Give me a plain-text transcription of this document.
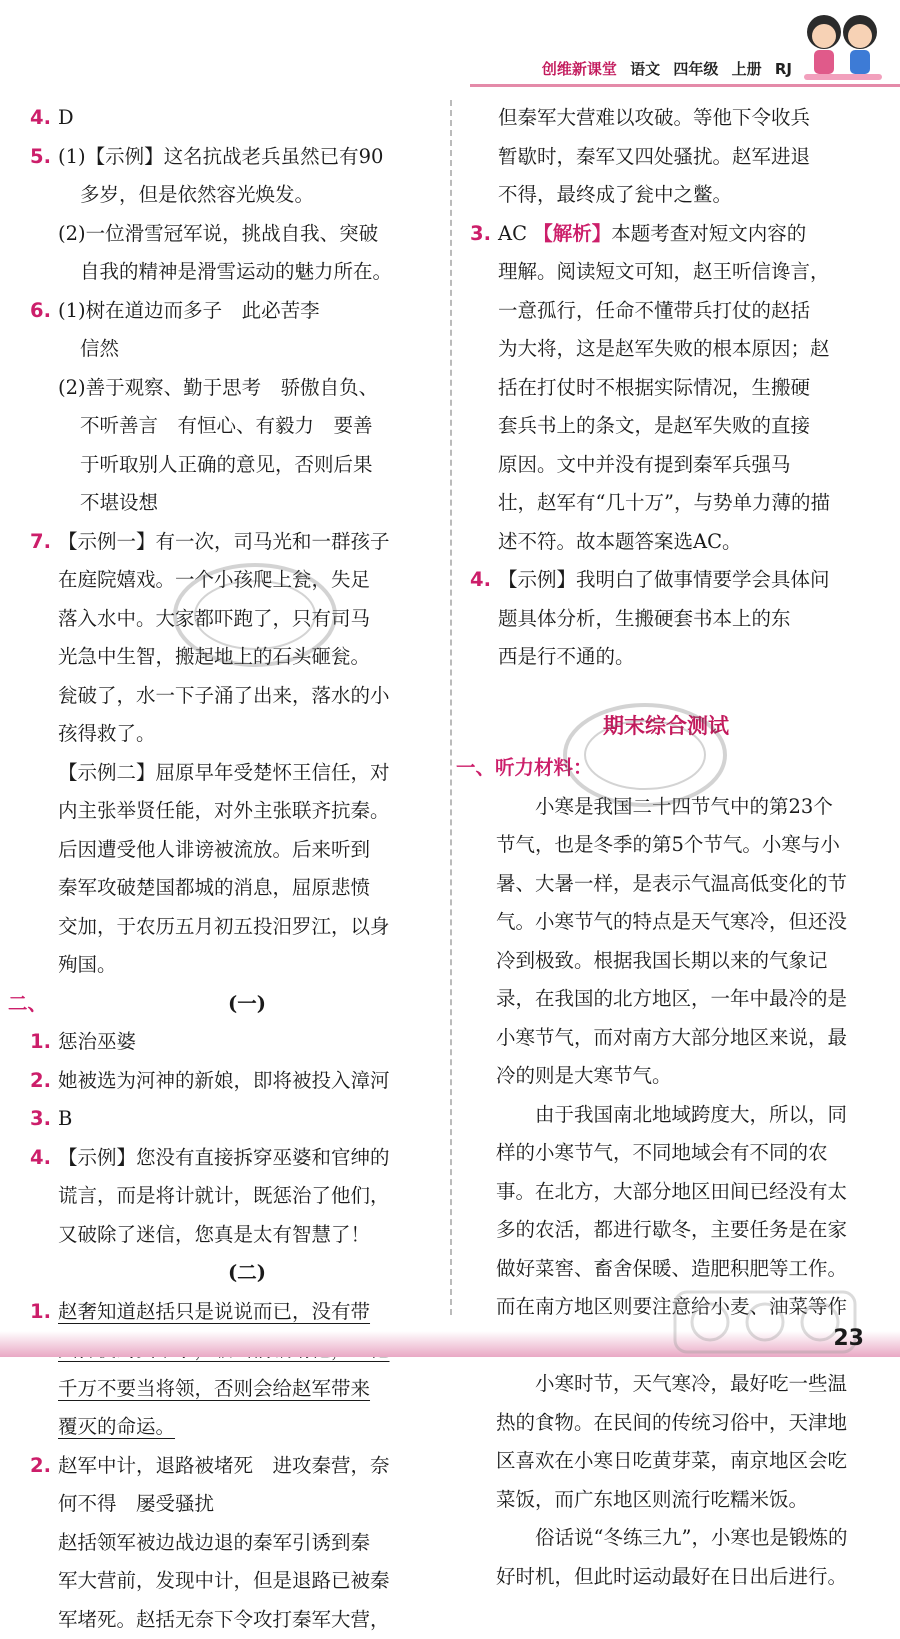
创维新课堂 语文 四年级 上册 RJ
4. D
5. (1)【示例】这名抗战老兵虽然已有90
多岁，但是依然容光焕发。
(2)一位滑雪冠军说，挑战自我、突破
自我的精神是滑雪运动的魅力所在。
6. (1)树在道边而多子　此必苦李
信然
(2)善于观察、勤于思考　骄傲自负、
不听善言　有恒心、有毅力　要善
于听取别人正确的意见，否则后果
不堪设想
7. 【示例一】有一次，司马光和一群孩子
在庭院嬉戏。一个小孩爬上瓮，失足
落入水中。大家都吓跑了，只有司马
光急中生智，搬起地上的石头砸瓮。
瓮破了，水一下子涌了出来，落水的小
孩得救了。
【示例二】屈原早年受楚怀王信任，对
内主张举贤任能，对外主张联齐抗秦。
后因遭受他人诽谤被流放。后来听到
秦军攻破楚国都城的消息，屈原悲愤
交加，于农历五月初五投汨罗江，以身
殉国。
二、	(一)
1. 惩治巫婆
2. 她被选为河神的新娘，即将被投入漳河
3. B
4. 【示例】您没有直接拆穿巫婆和官绅的
谎言，而是将计就计，既惩治了他们，
又破除了迷信，您真是太有智慧了！
(二)
1. 赵奢知道赵括只是说说而已，没有带
千万不要当将领，否则会给赵军带来
覆灭的命运。
2. 赵军中计，退路被堵死　进攻秦营，奈
何不得　屡受骚扰
赵括领军被边战边退的秦军引诱到秦
军大营前，发现中计，但是退路已被秦
军堵死。赵括无奈下令攻打秦军大营，
但秦军大营难以攻破。等他下令收兵
暂歇时，秦军又四处骚扰。赵军进退
不得，最终成了瓮中之鳖。
3. AC 【解析】本题考查对短文内容的
理解。阅读短文可知，赵王听信谗言，
一意孤行，任命不懂带兵打仗的赵括
为大将，这是赵军失败的根本原因；赵
括在打仗时不根据实际情况，生搬硬
套兵书上的条文，是赵军失败的直接
原因。文中并没有提到秦军兵强马
壮，赵军有“几十万”，与势单力薄的描
述不符。故本题答案选AC。
4. 【示例】我明白了做事情要学会具体问
题具体分析，生搬硬套书本上的东
西是行不通的。
期末综合测试
一、听力材料：
小寒是我国二十四节气中的第23个
节气，也是冬季的第5个节气。小寒与小
暑、大暑一样，是表示气温高低变化的节
气。小寒节气的特点是天气寒冷，但还没
冷到极致。根据我国长期以来的气象记
录，在我国的北方地区，一年中最冷的是
小寒节气，而对南方大部分地区来说，最
冷的则是大寒节气。
由于我国南北地域跨度大，所以，同
样的小寒节气，不同地域会有不同的农
事。在北方，大部分地区田间已经没有太
多的农活，都进行歇冬，主要任务是在家
做好菜窖、畜舍保暖、造肥积肥等工作。
而在南方地区则要注意给小麦、油菜等作
小寒时节，天气寒冷，最好吃一些温
热的食物。在民间的传统习俗中，天津地
区喜欢在小寒日吃黄芽菜，南京地区会吃
菜饭，而广东地区则流行吃糯米饭。
俗话说“冬练三九”，小寒也是锻炼的
好时机，但此时运动最好在日出后进行。
23
